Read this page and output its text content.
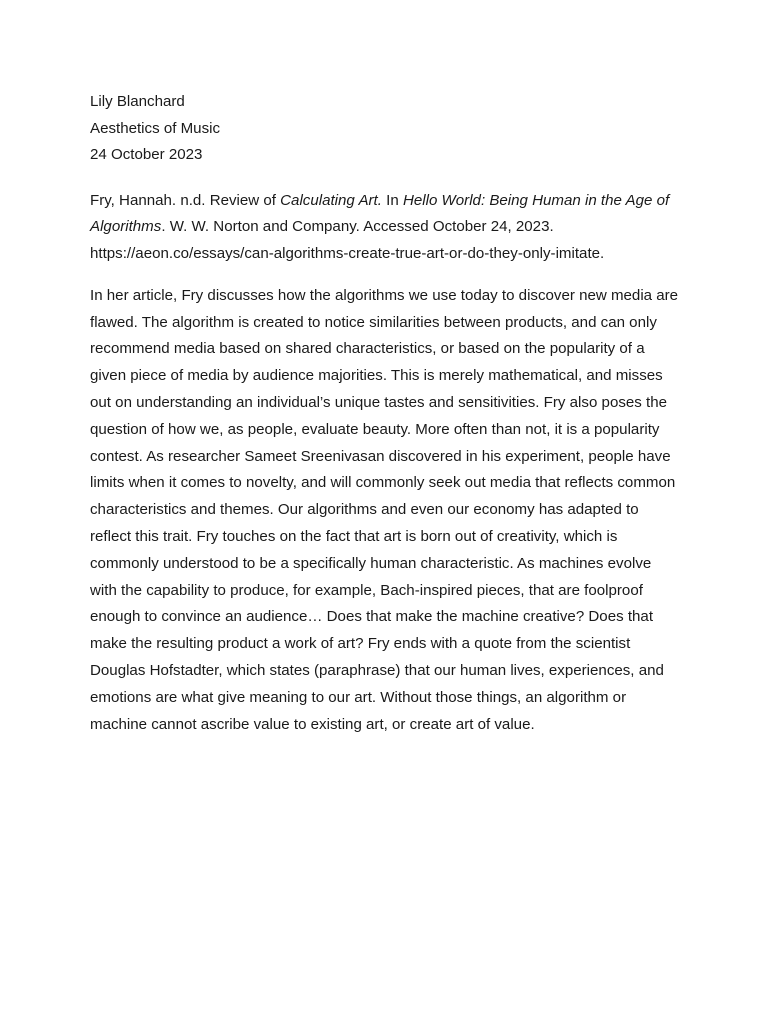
Lily Blanchard
Aesthetics of Music
24 October 2023
Fry, Hannah. n.d. Review of Calculating Art. In Hello World: Being Human in the Age of
Algorithms. W. W. Norton and Company. Accessed October 24, 2023.
https://aeon.co/essays/can-algorithms-create-true-art-or-do-they-only-imitate.
In her article, Fry discusses how the algorithms we use today to discover new media are
flawed. The algorithm is created to notice similarities between products, and can only
recommend media based on shared characteristics, or based on the popularity of a
given piece of media by audience majorities. This is merely mathematical, and misses
out on understanding an individual’s unique tastes and sensitivities. Fry also poses the
question of how we, as people, evaluate beauty. More often than not, it is a popularity
contest. As researcher Sameet Sreenivasan discovered in his experiment, people have
limits when it comes to novelty, and will commonly seek out media that reflects common
characteristics and themes. Our algorithms and even our economy has adapted to
reflect this trait. Fry touches on the fact that art is born out of creativity, which is
commonly understood to be a specifically human characteristic. As machines evolve
with the capability to produce, for example, Bach-inspired pieces, that are foolproof
enough to convince an audience… Does that make the machine creative? Does that
make the resulting product a work of art? Fry ends with a quote from the scientist
Douglas Hofstadter, which states (paraphrase) that our human lives, experiences, and
emotions are what give meaning to our art. Without those things, an algorithm or
machine cannot ascribe value to existing art, or create art of value.
